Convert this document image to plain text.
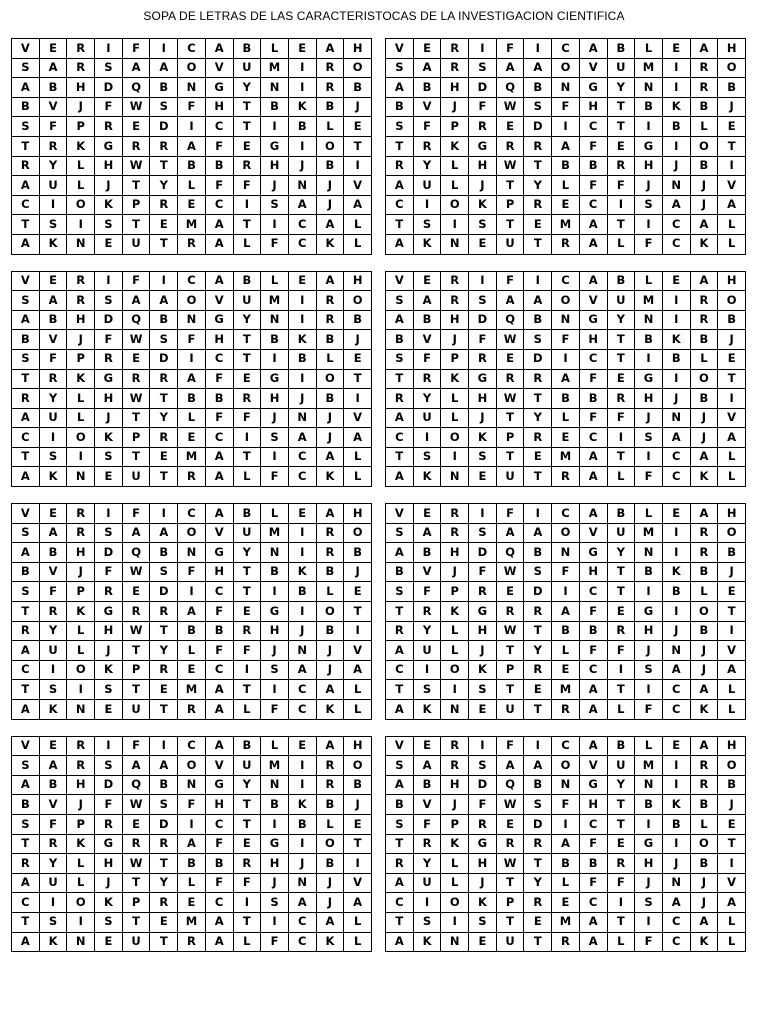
SOPA DE LETRAS DE LAS CARACTERISTOCAS DE LA INVESTIGACION CIENTIFICA
V	E	R	I	F	I	C	A	B	L	E	A	H
S	A	R	S	A	A	O	V	U	M	I	R	O
A	B	H	D	Q	B	N	G	Y	N	I	R	B
B	V	J	F	W	S	F	H	T	B	K	B	J
S	F	P	R	E	D	I	C	T	I	B	L	E
T	R	K	G	R	R	A	F	E	G	I	O	T
R	Y	L	H	W	T	B	B	R	H	J	B	I
A	U	L	J	T	Y	L	F	F	J	N	J	V
C	I	O	K	P	R	E	C	I	S	A	J	A
T	S	I	S	T	E	M	A	T	I	C	A	L
A	K	N	E	U	T	R	A	L	F	C	K	L
V	E	R	I	F	I	C	A	B	L	E	A	H
S	A	R	S	A	A	O	V	U	M	I	R	O
A	B	H	D	Q	B	N	G	Y	N	I	R	B
B	V	J	F	W	S	F	H	T	B	K	B	J
S	F	P	R	E	D	I	C	T	I	B	L	E
T	R	K	G	R	R	A	F	E	G	I	O	T
R	Y	L	H	W	T	B	B	R	H	J	B	I
A	U	L	J	T	Y	L	F	F	J	N	J	V
C	I	O	K	P	R	E	C	I	S	A	J	A
T	S	I	S	T	E	M	A	T	I	C	A	L
A	K	N	E	U	T	R	A	L	F	C	K	L
V	E	R	I	F	I	C	A	B	L	E	A	H
S	A	R	S	A	A	O	V	U	M	I	R	O
A	B	H	D	Q	B	N	G	Y	N	I	R	B
B	V	J	F	W	S	F	H	T	B	K	B	J
S	F	P	R	E	D	I	C	T	I	B	L	E
T	R	K	G	R	R	A	F	E	G	I	O	T
R	Y	L	H	W	T	B	B	R	H	J	B	I
A	U	L	J	T	Y	L	F	F	J	N	J	V
C	I	O	K	P	R	E	C	I	S	A	J	A
T	S	I	S	T	E	M	A	T	I	C	A	L
A	K	N	E	U	T	R	A	L	F	C	K	L
V	E	R	I	F	I	C	A	B	L	E	A	H
S	A	R	S	A	A	O	V	U	M	I	R	O
A	B	H	D	Q	B	N	G	Y	N	I	R	B
B	V	J	F	W	S	F	H	T	B	K	B	J
S	F	P	R	E	D	I	C	T	I	B	L	E
T	R	K	G	R	R	A	F	E	G	I	O	T
R	Y	L	H	W	T	B	B	R	H	J	B	I
A	U	L	J	T	Y	L	F	F	J	N	J	V
C	I	O	K	P	R	E	C	I	S	A	J	A
T	S	I	S	T	E	M	A	T	I	C	A	L
A	K	N	E	U	T	R	A	L	F	C	K	L
V	E	R	I	F	I	C	A	B	L	E	A	H
S	A	R	S	A	A	O	V	U	M	I	R	O
A	B	H	D	Q	B	N	G	Y	N	I	R	B
B	V	J	F	W	S	F	H	T	B	K	B	J
S	F	P	R	E	D	I	C	T	I	B	L	E
T	R	K	G	R	R	A	F	E	G	I	O	T
R	Y	L	H	W	T	B	B	R	H	J	B	I
A	U	L	J	T	Y	L	F	F	J	N	J	V
C	I	O	K	P	R	E	C	I	S	A	J	A
T	S	I	S	T	E	M	A	T	I	C	A	L
A	K	N	E	U	T	R	A	L	F	C	K	L
V	E	R	I	F	I	C	A	B	L	E	A	H
S	A	R	S	A	A	O	V	U	M	I	R	O
A	B	H	D	Q	B	N	G	Y	N	I	R	B
B	V	J	F	W	S	F	H	T	B	K	B	J
S	F	P	R	E	D	I	C	T	I	B	L	E
T	R	K	G	R	R	A	F	E	G	I	O	T
R	Y	L	H	W	T	B	B	R	H	J	B	I
A	U	L	J	T	Y	L	F	F	J	N	J	V
C	I	O	K	P	R	E	C	I	S	A	J	A
T	S	I	S	T	E	M	A	T	I	C	A	L
A	K	N	E	U	T	R	A	L	F	C	K	L
V	E	R	I	F	I	C	A	B	L	E	A	H
S	A	R	S	A	A	O	V	U	M	I	R	O
A	B	H	D	Q	B	N	G	Y	N	I	R	B
B	V	J	F	W	S	F	H	T	B	K	B	J
S	F	P	R	E	D	I	C	T	I	B	L	E
T	R	K	G	R	R	A	F	E	G	I	O	T
R	Y	L	H	W	T	B	B	R	H	J	B	I
A	U	L	J	T	Y	L	F	F	J	N	J	V
C	I	O	K	P	R	E	C	I	S	A	J	A
T	S	I	S	T	E	M	A	T	I	C	A	L
A	K	N	E	U	T	R	A	L	F	C	K	L
V	E	R	I	F	I	C	A	B	L	E	A	H
S	A	R	S	A	A	O	V	U	M	I	R	O
A	B	H	D	Q	B	N	G	Y	N	I	R	B
B	V	J	F	W	S	F	H	T	B	K	B	J
S	F	P	R	E	D	I	C	T	I	B	L	E
T	R	K	G	R	R	A	F	E	G	I	O	T
R	Y	L	H	W	T	B	B	R	H	J	B	I
A	U	L	J	T	Y	L	F	F	J	N	J	V
C	I	O	K	P	R	E	C	I	S	A	J	A
T	S	I	S	T	E	M	A	T	I	C	A	L
A	K	N	E	U	T	R	A	L	F	C	K	L
